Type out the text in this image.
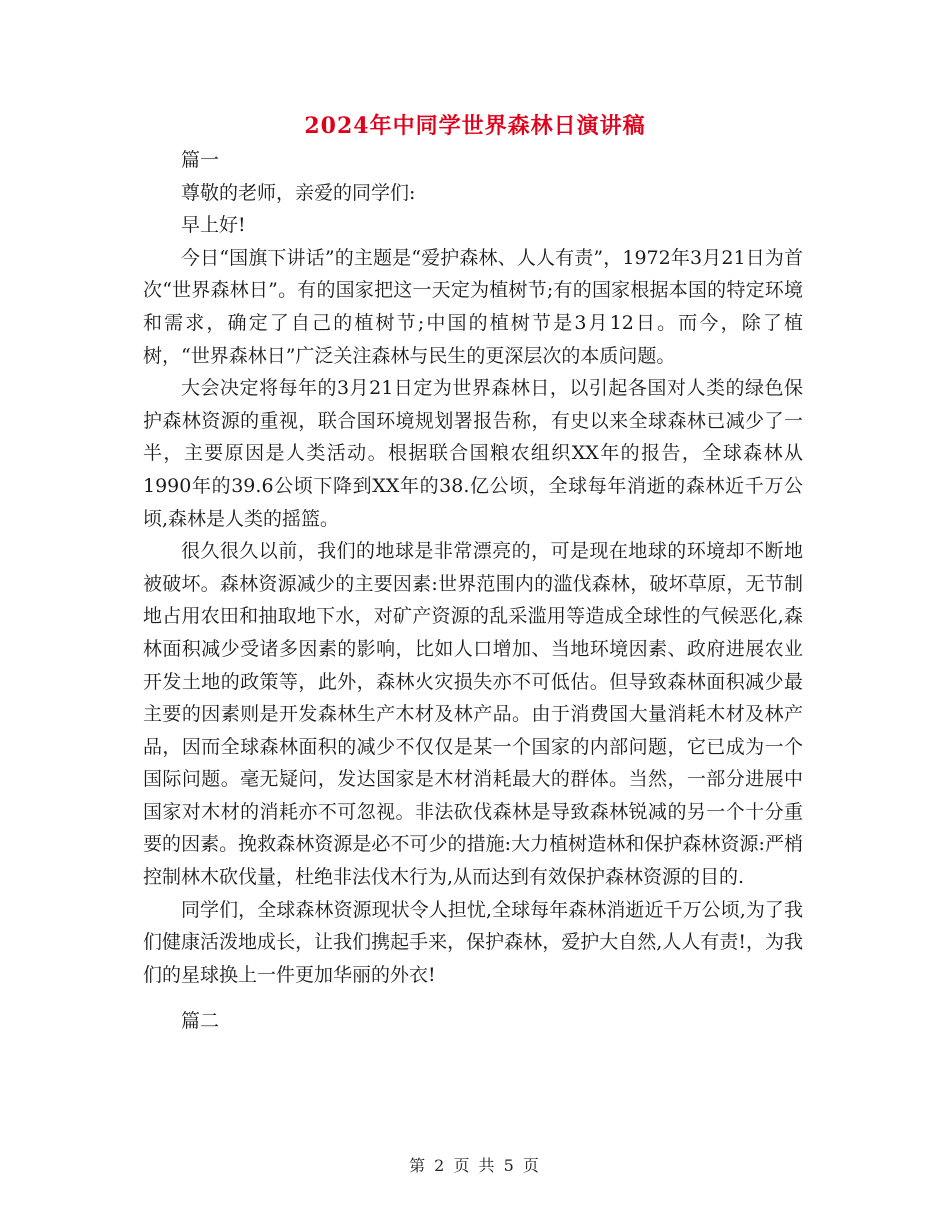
2024年中同学世界森林日演讲稿

篇一

尊敬的老师，亲爱的同学们:

早上好!

今日“国旗下讲话”的主题是“爱护森林、人人有责”，1972年3月21日为首次“世界森林日”。有的国家把这一天定为植树节;有的国家根据本国的特定环境和需求，确定了自己的植树节;中国的植树节是3月12日。而今，除了植树，“世界森林日”广泛关注森林与民生的更深层次的本质问题。

大会决定将每年的3月21日定为世界森林日，以引起各国对人类的绿色保护森林资源的重视，联合国环境规划署报告称，有史以来全球森林已减少了一半，主要原因是人类活动。根据联合国粮农组织XX年的报告，全球森林从1990年的39.6公顷下降到XX年的38.亿公顷，全球每年消逝的森林近千万公顷,森林是人类的摇篮。

很久很久以前，我们的地球是非常漂亮的，可是现在地球的环境却不断地被破坏。森林资源减少的主要因素:世界范围内的滥伐森林，破坏草原，无节制地占用农田和抽取地下水，对矿产资源的乱采滥用等造成全球性的气候恶化,森林面积减少受诸多因素的影响，比如人口增加、当地环境因素、政府进展农业开发土地的政策等，此外，森林火灾损失亦不可低估。但导致森林面积减少最主要的因素则是开发森林生产木材及林产品。由于消费国大量消耗木材及林产品，因而全球森林面积的减少不仅仅是某一个国家的内部问题，它已成为一个国际问题。毫无疑问，发达国家是木材消耗最大的群体。当然，一部分进展中国家对木材的消耗亦不可忽视。非法砍伐森林是导致森林锐减的另一个十分重要的因素。挽救森林资源是必不可少的措施:大力植树造林和保护森林资源:严梢控制林木砍伐量，杜绝非法伐木行为,从而达到有效保护森林资源的目的.

同学们，全球森林资源现状令人担忧,全球每年森林消逝近千万公顷,为了我们健康活泼地成长，让我们携起手来，保护森林，爱护大自然,人人有责!，为我们的星球换上一件更加华丽的外衣!

篇二

第 2 页 共 5 页
